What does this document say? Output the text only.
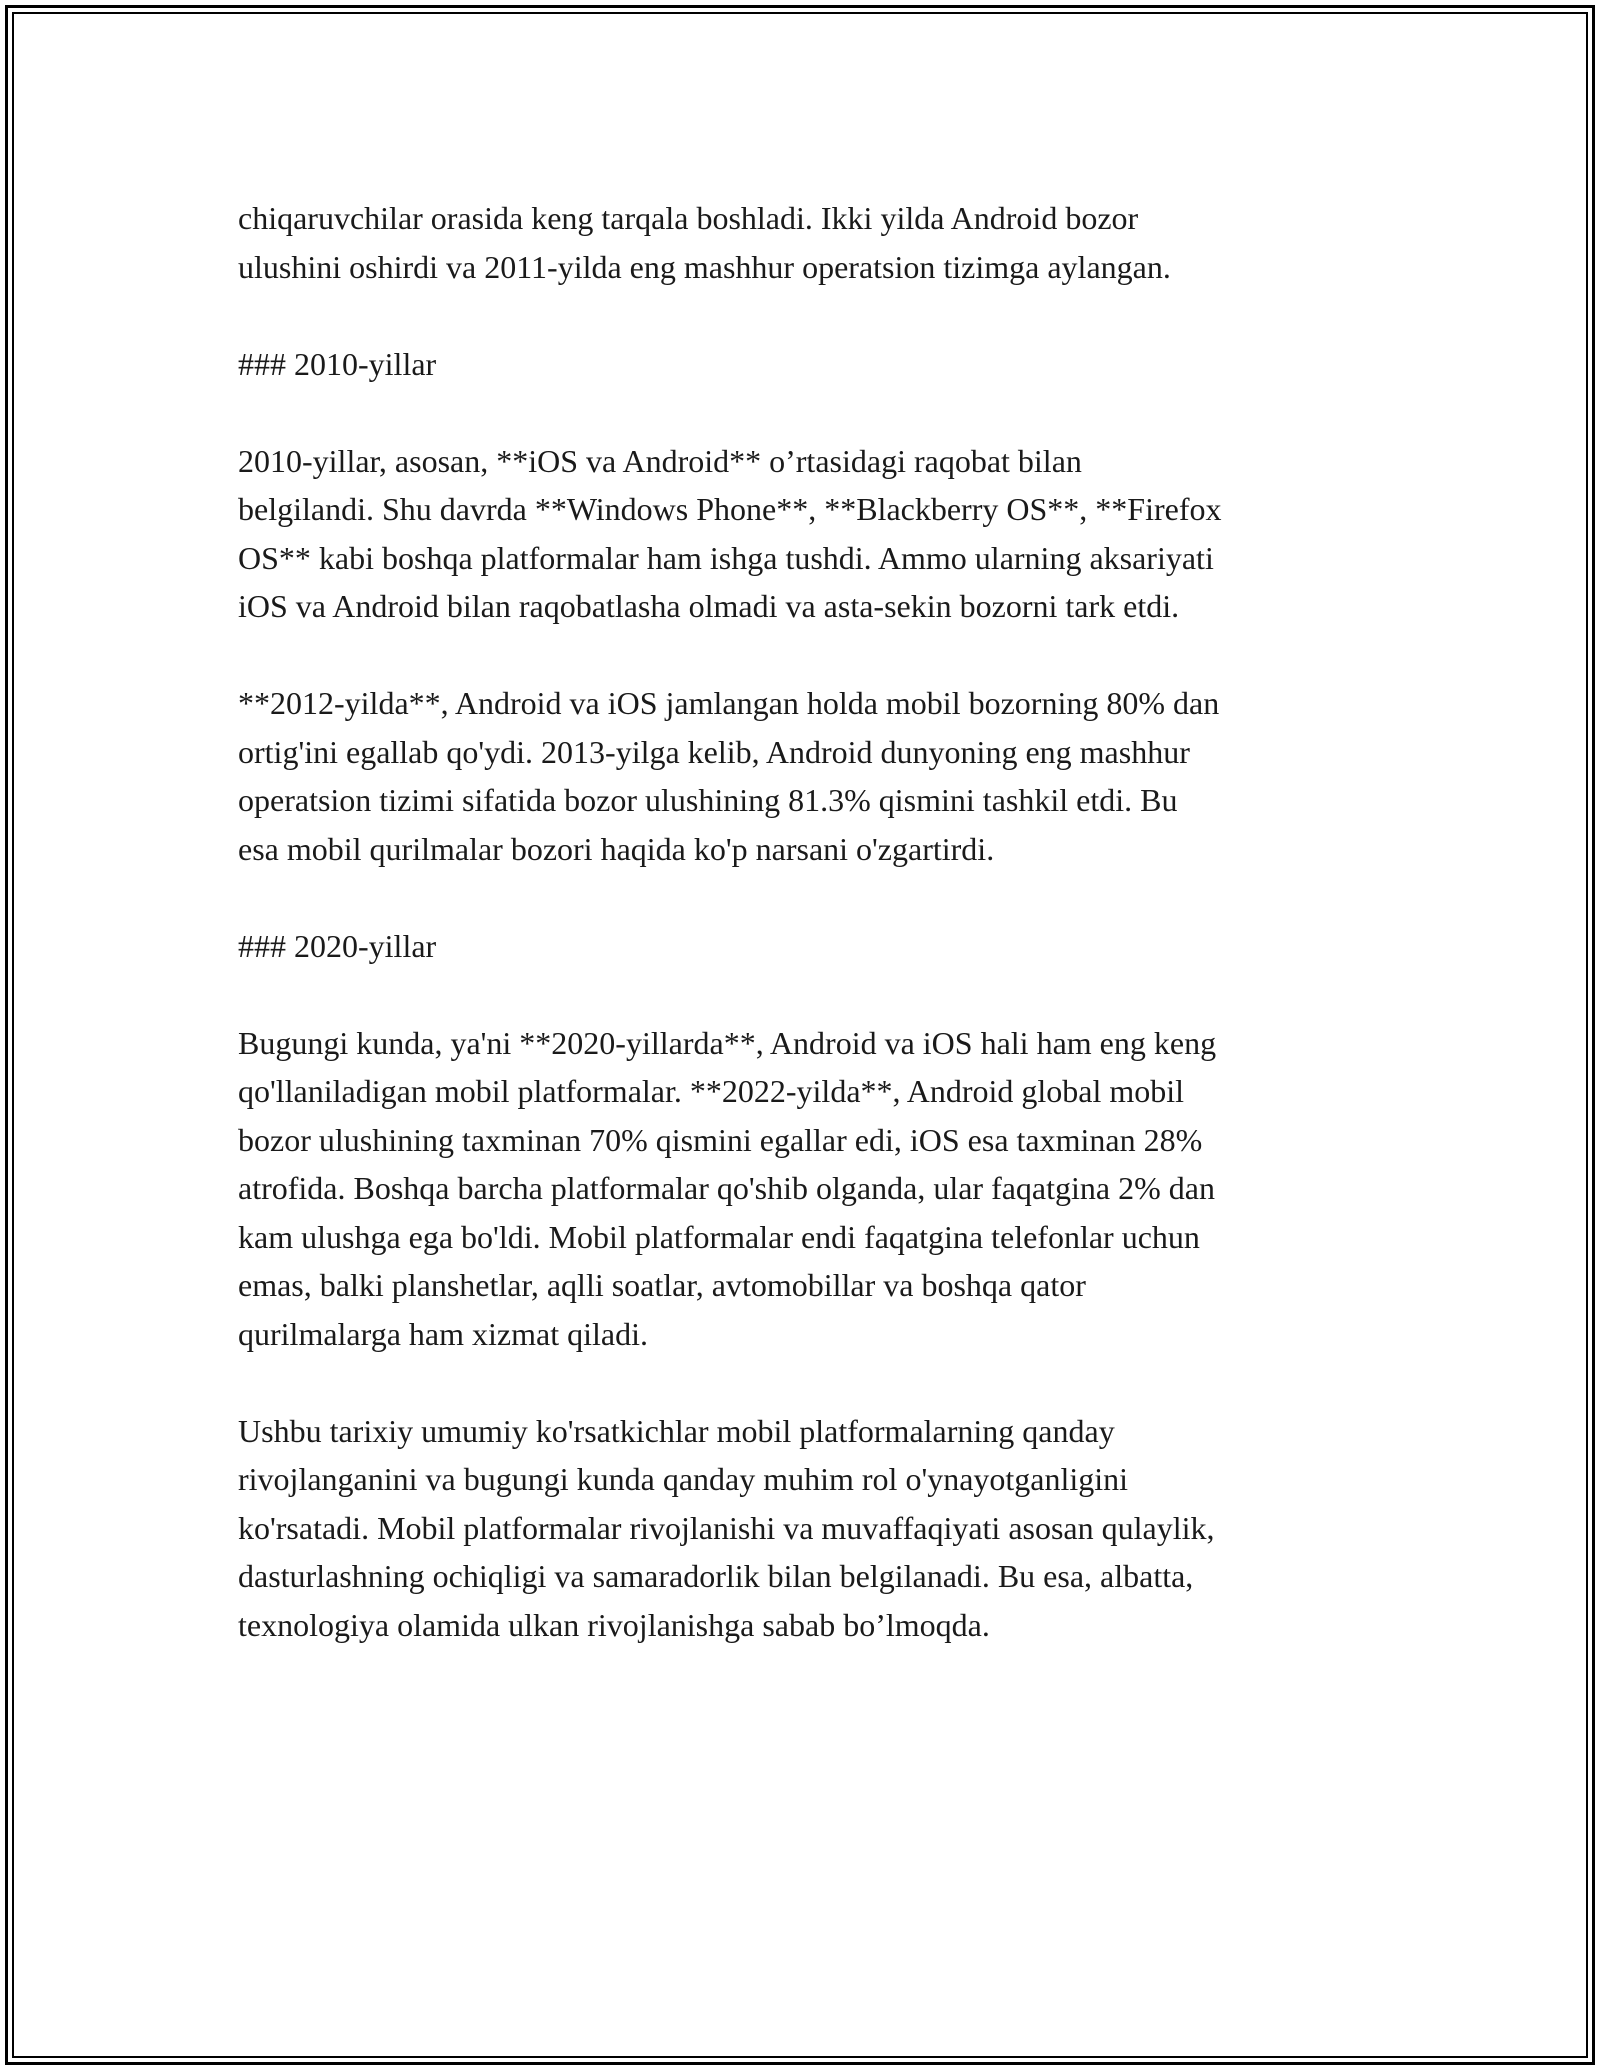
chiqaruvchilar orasida keng tarqala boshladi. Ikki yilda Android bozor
ulushini oshirdi va 2011-yilda eng mashhur operatsion tizimga aylangan.

### 2010-yillar

2010-yillar, asosan, **iOS va Android** o’rtasidagi raqobat bilan
belgilandi. Shu davrda **Windows Phone**, **Blackberry OS**, **Firefox
OS** kabi boshqa platformalar ham ishga tushdi. Ammo ularning aksariyati
iOS va Android bilan raqobatlasha olmadi va asta-sekin bozorni tark etdi.

**2012-yilda**, Android va iOS jamlangan holda mobil bozorning 80% dan
ortig'ini egallab qo'ydi. 2013-yilga kelib, Android dunyoning eng mashhur
operatsion tizimi sifatida bozor ulushining 81.3% qismini tashkil etdi. Bu
esa mobil qurilmalar bozori haqida ko'p narsani o'zgartirdi.

### 2020-yillar

Bugungi kunda, ya'ni **2020-yillarda**, Android va iOS hali ham eng keng
qo'llaniladigan mobil platformalar. **2022-yilda**, Android global mobil
bozor ulushining taxminan 70% qismini egallar edi, iOS esa taxminan 28%
atrofida. Boshqa barcha platformalar qo'shib olganda, ular faqatgina 2% dan
kam ulushga ega bo'ldi. Mobil platformalar endi faqatgina telefonlar uchun
emas, balki planshetlar, aqlli soatlar, avtomobillar va boshqa qator
qurilmalarga ham xizmat qiladi.

Ushbu tarixiy umumiy ko'rsatkichlar mobil platformalarning qanday
rivojlanganini va bugungi kunda qanday muhim rol o'ynayotganligini
ko'rsatadi. Mobil platformalar rivojlanishi va muvaffaqiyati asosan qulaylik,
dasturlashning ochiqligi va samaradorlik bilan belgilanadi. Bu esa, albatta,
texnologiya olamida ulkan rivojlanishga sabab bo’lmoqda.
